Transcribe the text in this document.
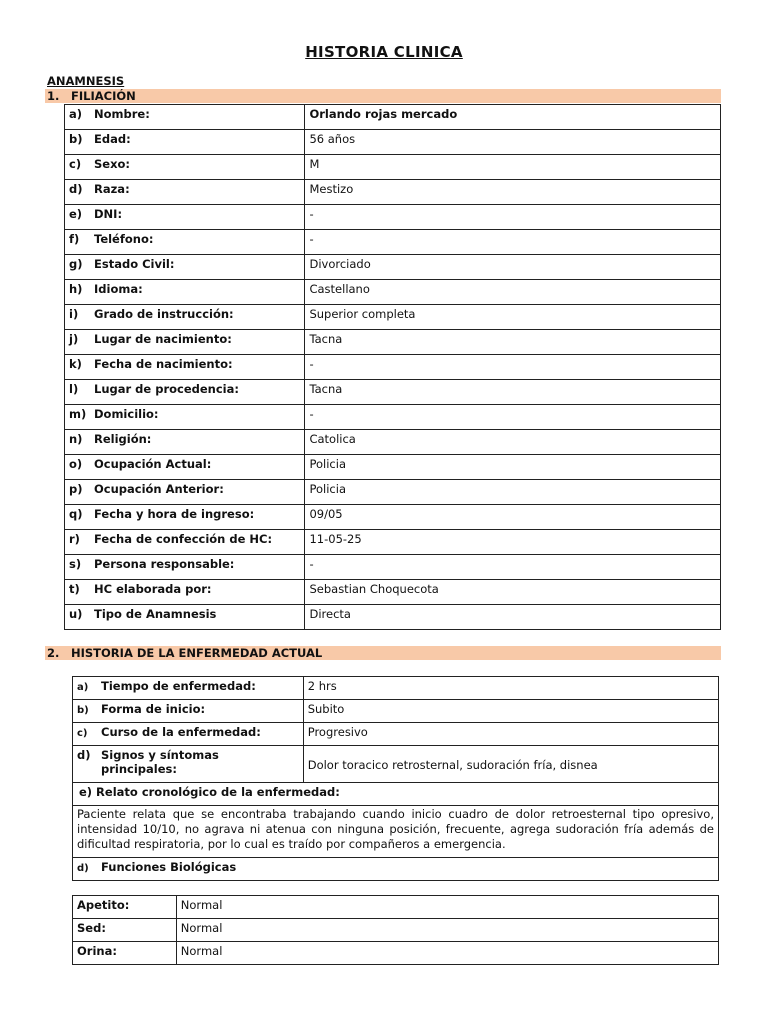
HISTORIA CLINICA
ANAMNESIS
1. FILIACIÓN
a) Nombre:	Orlando rojas mercado
b) Edad:	56 años
c) Sexo:	M
d) Raza:	Mestizo
e) DNI:	-
f) Teléfono:	-
g) Estado Civil:	Divorciado
h) Idioma:	Castellano
i) Grado de instrucción:	Superior completa
j) Lugar de nacimiento:	Tacna
k) Fecha de nacimiento:	-
l) Lugar de procedencia:	Tacna
m) Domicilio:	-
n) Religión:	Catolica
o) Ocupación Actual:	Policia
p) Ocupación Anterior:	Policia
q) Fecha y hora de ingreso:	09/05
r) Fecha de confección de HC:	11-05-25
s) Persona responsable:	-
t) HC elaborada por:	Sebastian Choquecota
u) Tipo de Anamnesis	Directa
2. HISTORIA DE LA ENFERMEDAD ACTUAL
a) Tiempo de enfermedad:	2 hrs
b) Forma de inicio:	Subito
c) Curso de la enfermedad:	Progresivo

d) Signos y síntomas principales:	Dolor toracico retrosternal, sudoración fría, disnea
e) Relato cronológico de la enfermedad:	
Paciente relata que se encontraba trabajando cuando inicio cuadro de dolor retroesternal tipo opresivo, intensidad 10/10, no agrava ni atenua con ninguna posición, frecuente, agrega sudoración fría además de dificultad respiratoria, por lo cual es traído por compañeros a emergencia.	
d) Funciones Biológicas	
Apetito:	Normal
Sed:	Normal
Orina:	Normal
